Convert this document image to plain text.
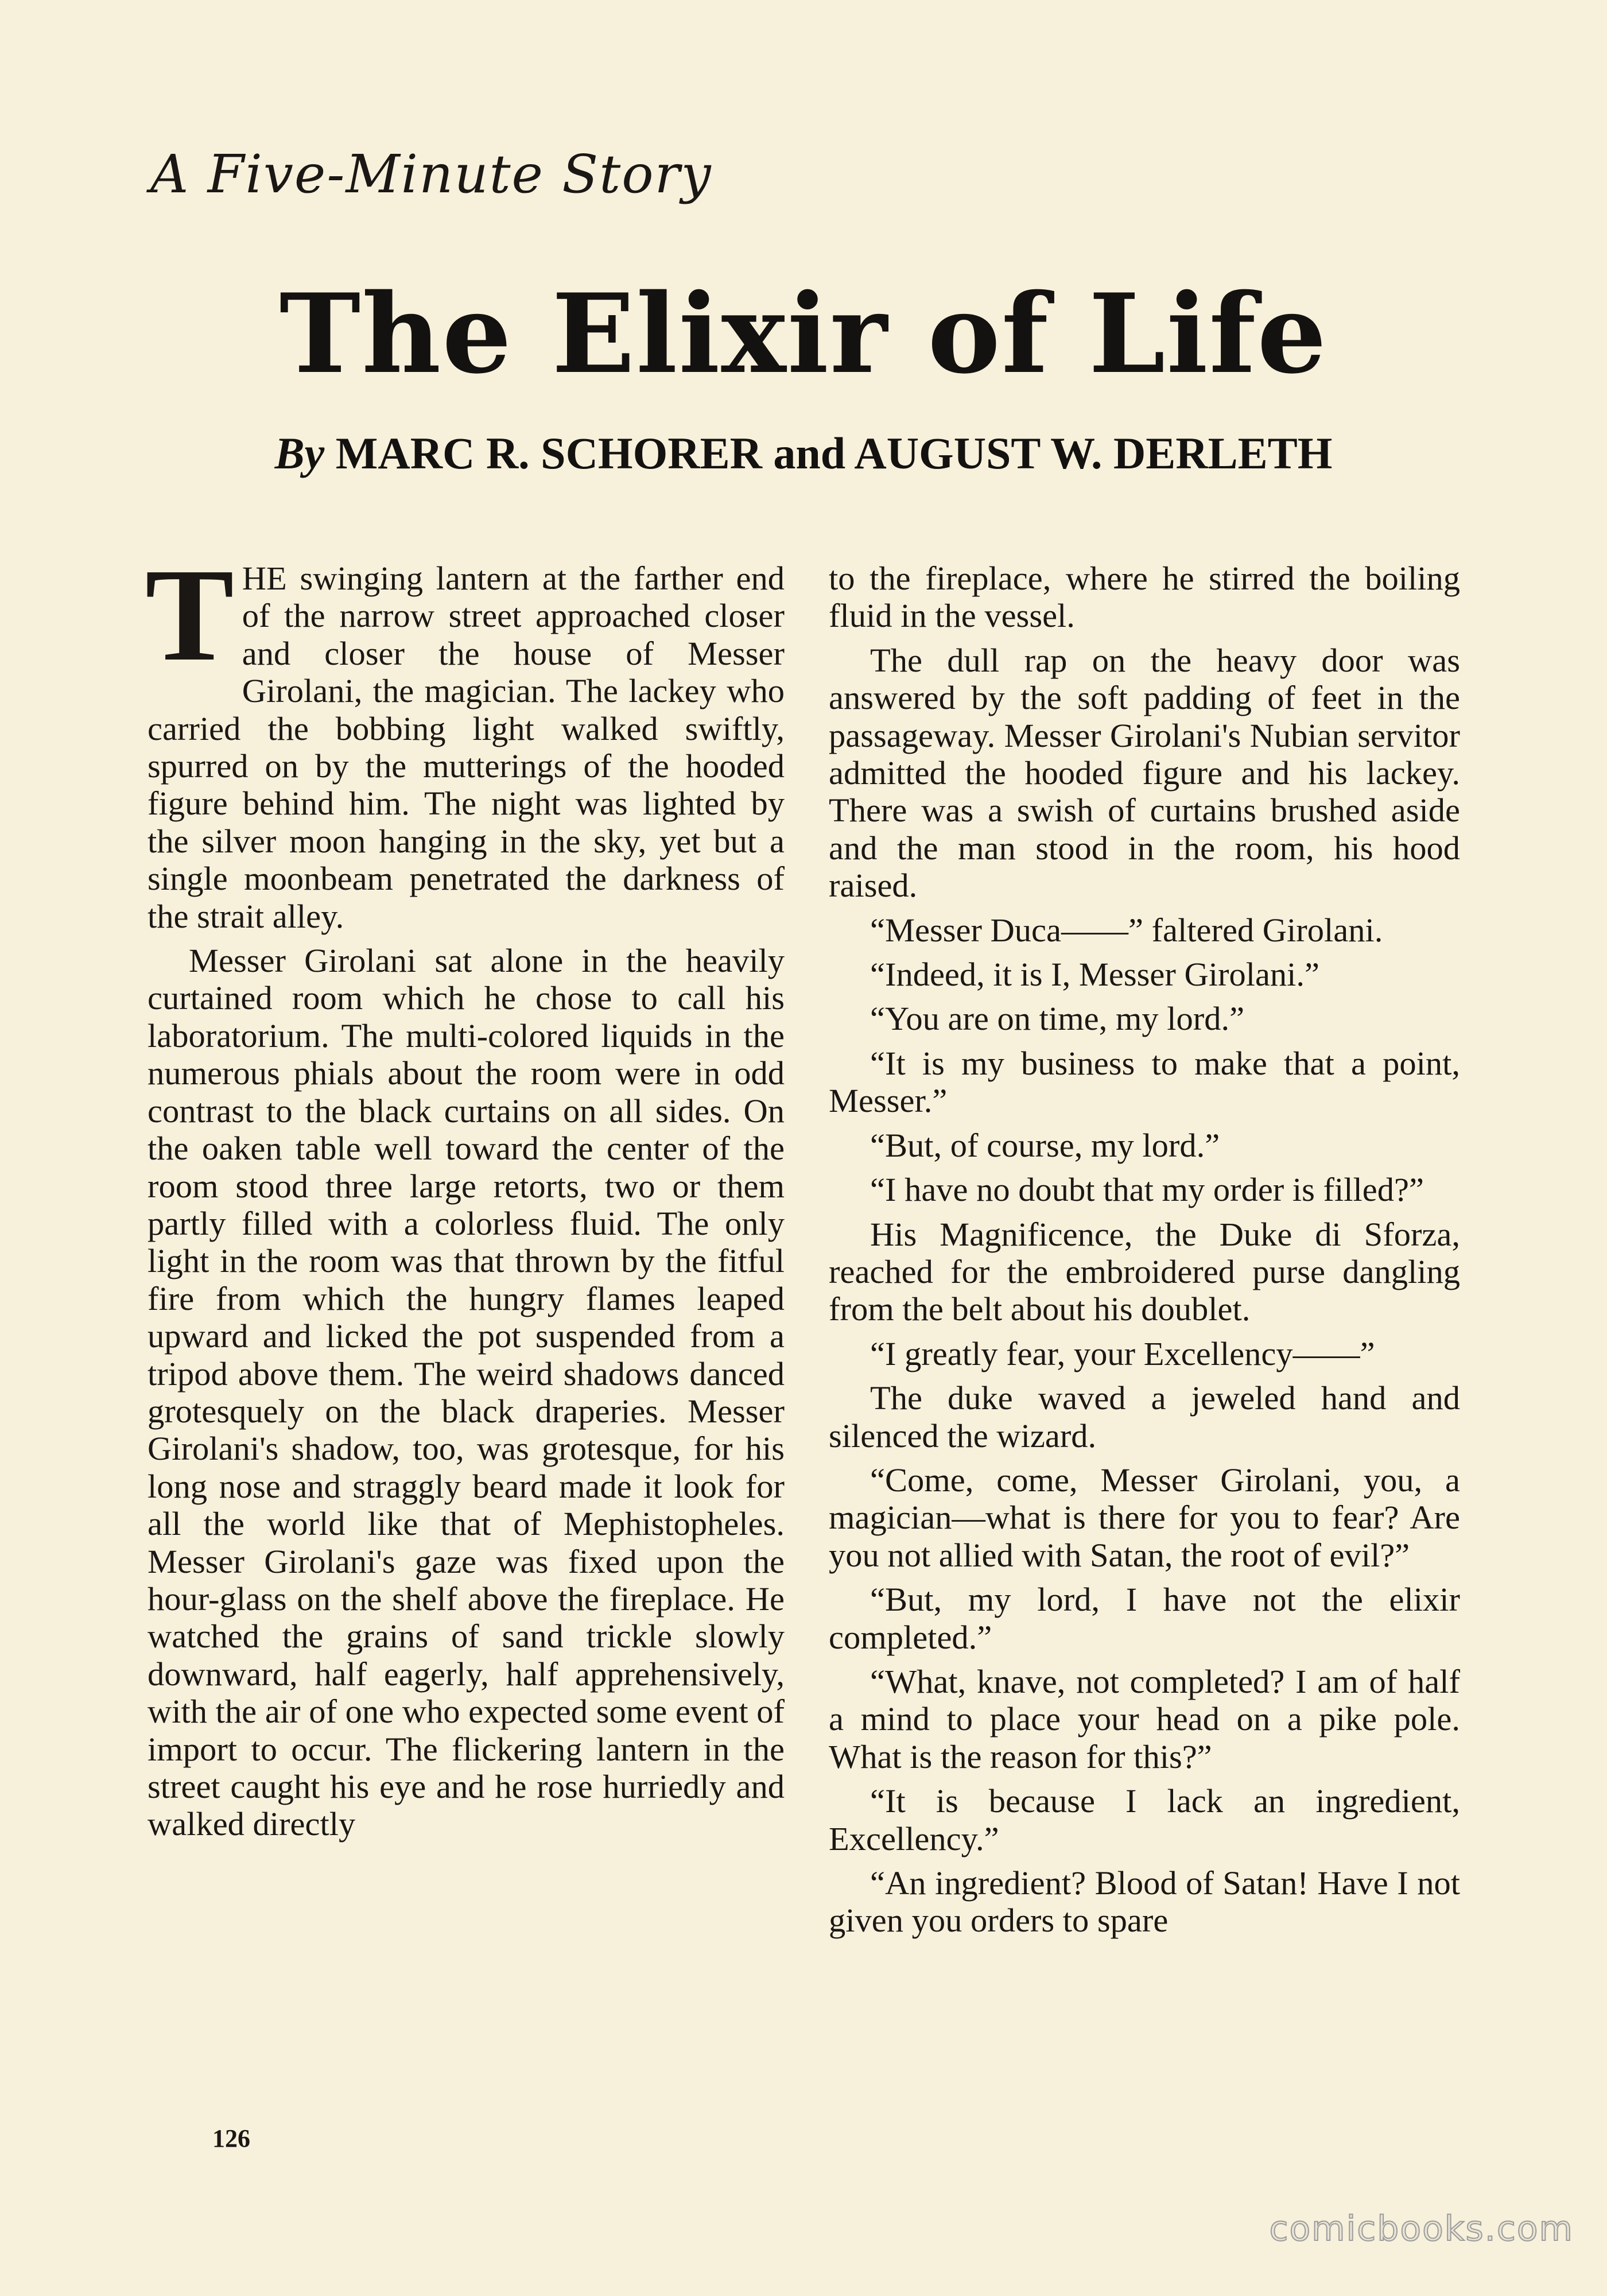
A Five-Minute Story
The Elixir of Life
By MARC R. SCHORER and AUGUST W. DERLETH

THE swinging lantern at the farther end of the narrow street approached closer and closer the house of Messer Girolani, the magician. The lackey who carried the bobbing light walked swiftly, spurred on by the mutterings of the hooded figure behind him. The night was lighted by the silver moon hanging in the sky, yet but a single moonbeam penetrated the darkness of the strait alley.

Messer Girolani sat alone in the heavily curtained room which he chose to call his laboratorium. The multi-colored liquids in the numerous phials about the room were in odd contrast to the black curtains on all sides. On the oaken table well toward the center of the room stood three large retorts, two or them partly filled with a colorless fluid. The only light in the room was that thrown by the fitful fire from which the hungry flames leaped upward and licked the pot suspended from a tripod above them. The weird shadows danced grotesquely on the black draperies. Messer Girolani's shadow, too, was grotesque, for his long nose and straggly beard made it look for all the world like that of Mephistopheles. Messer Girolani's gaze was fixed upon the hour-glass on the shelf above the fireplace. He watched the grains of sand trickle slowly downward, half eagerly, half apprehensively, with the air of one who expected some event of import to occur. The flickering lantern in the street caught his eye and he rose hurriedly and walked directly

to the fireplace, where he stirred the boiling fluid in the vessel.

The dull rap on the heavy door was answered by the soft padding of feet in the passageway. Messer Girolani's Nubian servitor admitted the hooded figure and his lackey. There was a swish of curtains brushed aside and the man stood in the room, his hood raised.

“Messer Duca——” faltered Girolani.

“Indeed, it is I, Messer Girolani.”

“You are on time, my lord.”

“It is my business to make that a point, Messer.”

“But, of course, my lord.”

“I have no doubt that my order is filled?”

His Magnificence, the Duke di Sforza, reached for the embroidered purse dangling from the belt about his doublet.

“I greatly fear, your Excellency——”

The duke waved a jeweled hand and silenced the wizard.

“Come, come, Messer Girolani, you, a magician—what is there for you to fear? Are you not allied with Satan, the root of evil?”

“But, my lord, I have not the elixir completed.”

“What, knave, not completed? I am of half a mind to place your head on a pike pole. What is the reason for this?”

“It is because I lack an ingredient, Excellency.”

“An ingredient? Blood of Satan! Have I not given you orders to spare

126
comicbooks.com
